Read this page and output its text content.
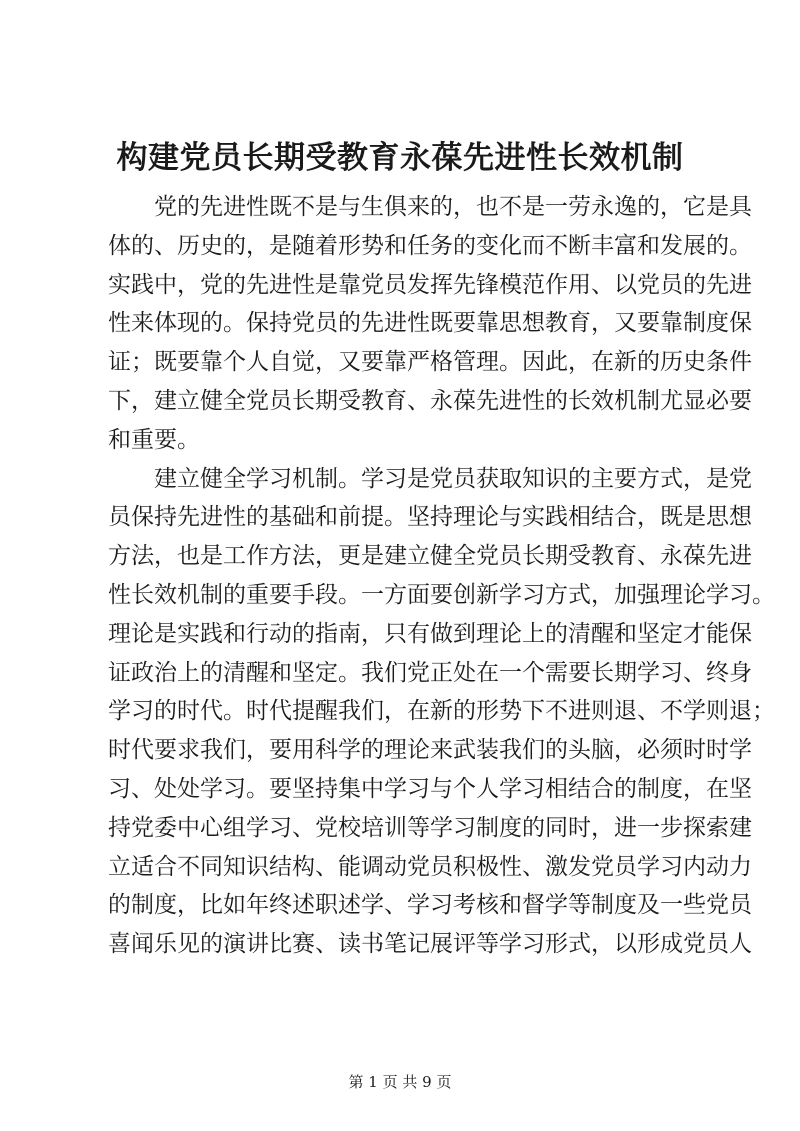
构建党员长期受教育永葆先进性长效机制
党的先进性既不是与生俱来的，也不是一劳永逸的，它是具
体的、历史的，是随着形势和任务的变化而不断丰富和发展的。
实践中，党的先进性是靠党员发挥先锋模范作用、以党员的先进
性来体现的。保持党员的先进性既要靠思想教育，又要靠制度保
证；既要靠个人自觉，又要靠严格管理。因此，在新的历史条件
下，建立健全党员长期受教育、永葆先进性的长效机制尤显必要
和重要。
建立健全学习机制。学习是党员获取知识的主要方式，是党
员保持先进性的基础和前提。坚持理论与实践相结合，既是思想
方法，也是工作方法，更是建立健全党员长期受教育、永葆先进
性长效机制的重要手段。一方面要创新学习方式，加强理论学习。
理论是实践和行动的指南，只有做到理论上的清醒和坚定才能保
证政治上的清醒和坚定。我们党正处在一个需要长期学习、终身
学习的时代。时代提醒我们，在新的形势下不进则退、不学则退；
时代要求我们，要用科学的理论来武装我们的头脑，必须时时学
习、处处学习。要坚持集中学习与个人学习相结合的制度，在坚
持党委中心组学习、党校培训等学习制度的同时，进一步探索建
立适合不同知识结构、能调动党员积极性、激发党员学习内动力
的制度，比如年终述职述学、学习考核和督学等制度及一些党员
喜闻乐见的演讲比赛、读书笔记展评等学习形式，以形成党员人
第 1 页 共 9 页
